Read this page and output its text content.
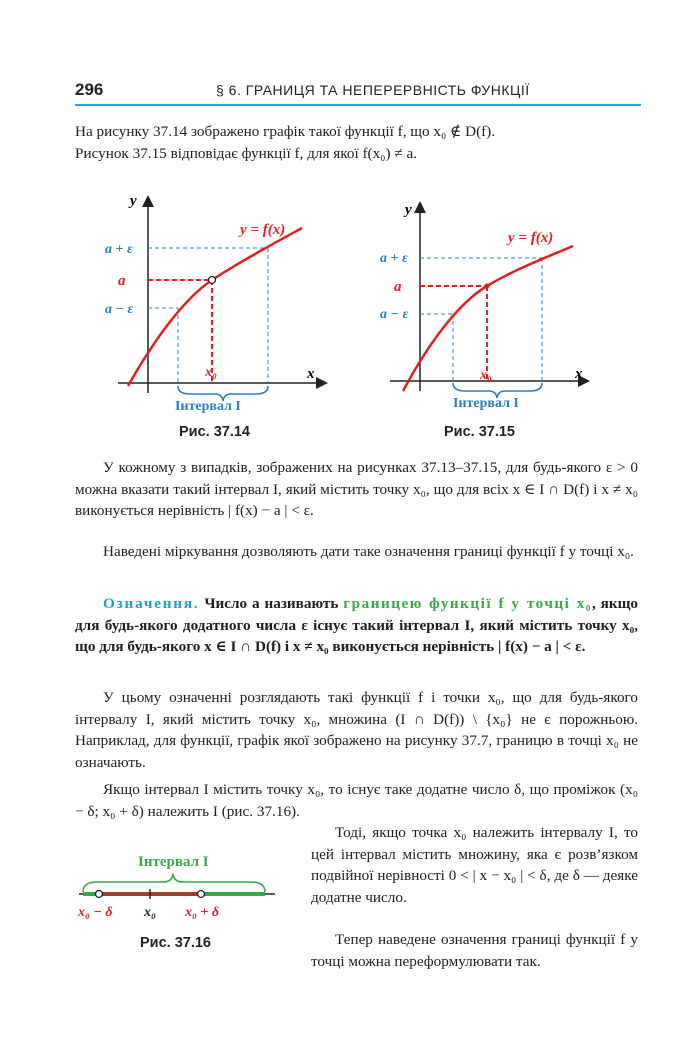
296	§ 6. ГРАНИЦЯ ТА НЕПЕРЕРВНІСТЬ ФУНКЦІЇ
На рисунку 37.14 зображено графік такої функції f, що x₀ ∉ D(f).
Рисунок 37.15 відповідає функції f, для якої f(x₀) ≠ a.
y
x
y = f(x)
a + ε
a
a − ε
x₀
Інтервал I
Рис. 37.14
y
x
y = f(x)
a + ε
a
a − ε
x₀
Інтервал I
Рис. 37.15
У кожному з випадків, зображених на рисунках 37.13–37.15, для будь-якого ε > 0 можна вказати такий інтервал I, який містить точку x₀, що для всіх x ∈ I ∩ D(f) і x ≠ x₀ виконується нерівність | f(x) − a | < ε.
Наведені міркування дозволяють дати таке означення границі функції f у точці x₀.
Означення. Число a називають границею функції f у точці x₀, якщо для будь-якого додатного числа ε існує такий інтервал I, який містить точку x₀, що для будь-якого x ∈ I ∩ D(f) і x ≠ x₀ виконується нерівність | f(x) − a | < ε.
У цьому означенні розглядають такі функції f і точки x₀, що для будь-якого інтервалу I, який містить точку x₀, множина (I ∩ D(f)) \ {x₀} не є порожньою. Наприклад, для функції, графік якої зображено на рисунку 37.7, границю в точці x₀ не означають.
Якщо інтервал I містить точку x₀, то існує таке додатне число δ, що проміжок (x₀ − δ; x₀ + δ) належить I (рис. 37.16).
Тоді, якщо точка x₀ належить інтервалу I, то цей інтервал містить множину, яка є розв’язком подвійної нерівності 0 < | x − x₀ | < δ, де δ — деяке додатне число.
Тепер наведене означення границі функції f у точці можна переформулювати так.
Інтервал I
x₀ − δ x₀ x₀ + δ
Рис. 37.16
